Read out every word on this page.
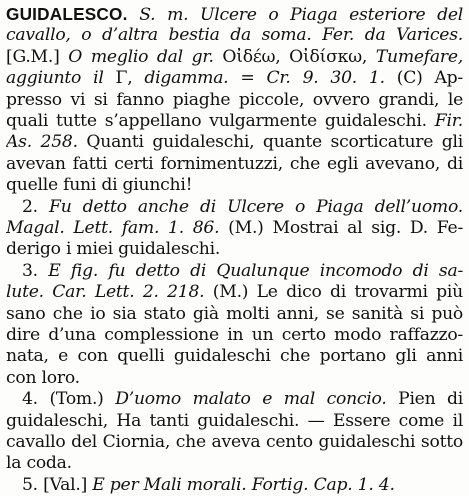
GUIDALESCO. S. m. Ulcere o Piaga esteriore del
cavallo, o d’altra bestia da soma. Fer. da Varices.
[G.M.] O meglio dal gr. Οἰδέω, Οἰδίσκω, Tumefare,
aggiunto il Γ, digamma. = Cr. 9. 30. 1. (C) Ap-
presso vi si fanno piaghe piccole, ovvero grandi, le
quali tutte s’appellano vulgarmente guidaleschi. Fir.
As. 258. Quanti guidaleschi, quante scorticature gli
avevan fatti certi fornimentuzzi, che egli avevano, di
quelle funi di giunchi!
2. Fu detto anche di Ulcere o Piaga dell’uomo.
Magal. Lett. fam. 1. 86. (M.) Mostrai al sig. D. Fe-
derigo i miei guidaleschi.
3. E fig. fu detto di Qualunque incomodo di sa-
lute. Car. Lett. 2. 218. (M.) Le dico di trovarmi più
sano che io sia stato già molti anni, se sanità si può
dire d’una complessione in un certo modo raffazzo-
nata, e con quelli guidaleschi che portano gli anni
con loro.
4. (Tom.) D’uomo malato e mal concio. Pien di
guidaleschi, Ha tanti guidaleschi. — Essere come il
cavallo del Ciornia, che aveva cento guidaleschi sotto
la coda.
5. [Val.] E per Mali morali. Fortig. Cap. 1. 4.
